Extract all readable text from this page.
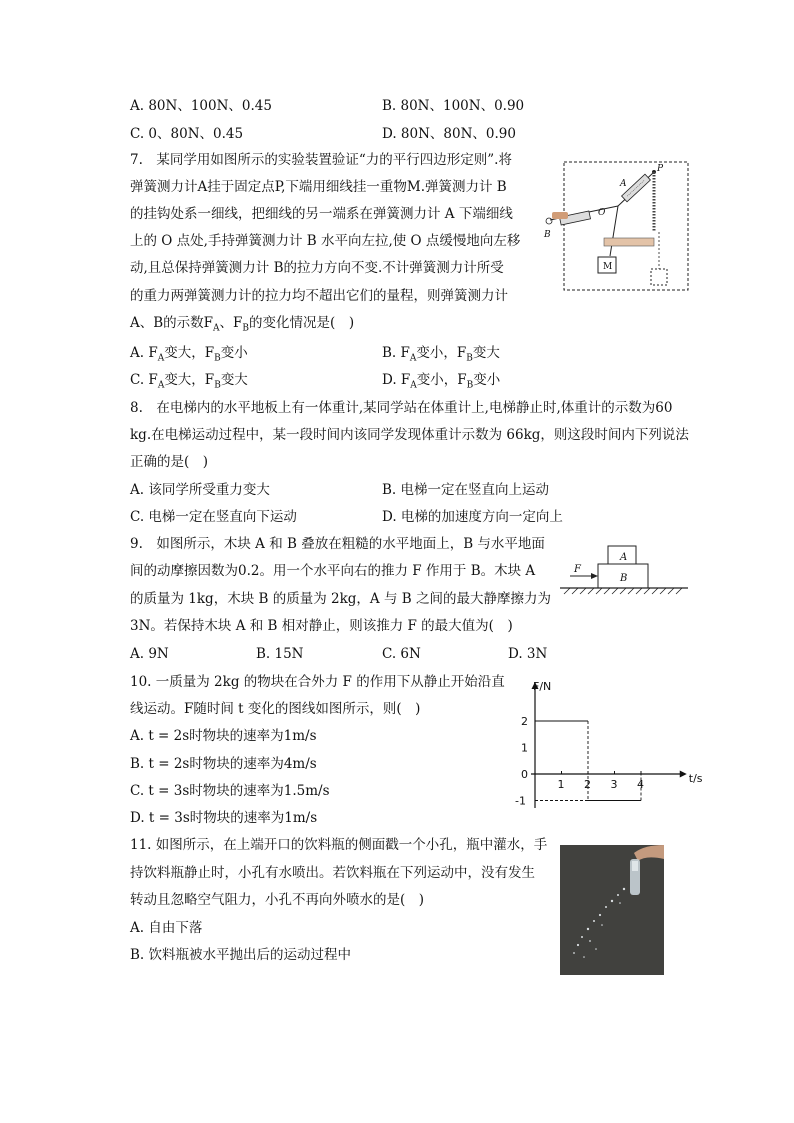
A. 80N、100N、0.45	B. 80N、100N、0.90
C. 0、80N、0.45	D. 80N、80N、0.90
7.　某同学用如图所示的实验装置验证“力的平行四边形定则”.将
弹簧测力计A挂于固定点P,下端用细线挂一重物M.弹簧测力计 B
的挂钩处系一细线，把细线的另一端系在弹簧测力计 A 下端细线
上的 O 点处,手持弹簧测力计 B 水平向左拉,使 O 点缓慢地向左移
动,且总保持弹簧测力计 B的拉力方向不变.不计弹簧测力计所受
的重力两弹簧测力计的拉力均不超出它们的量程，则弹簧测力计
A、B的示数$F_A$、$F_B$的变化情况是(　)
P
A
O
B
M
A. $F_A$变大，$F_B$变小	B. $F_A$变小，$F_B$变大
C. $F_A$变大，$F_B$变大	D. $F_A$变小，$F_B$变小
8.　在电梯内的水平地板上有一体重计,某同学站在体重计上,电梯静止时,体重计的示数为60
kg.在电梯运动过程中，某一段时间内该同学发现体重计示数为 66kg，则这段时间内下列说法
正确的是(　)
A. 该同学所受重力变大	B. 电梯一定在竖直向上运动
C. 电梯一定在竖直向下运动	D. 电梯的加速度方向一定向上
9.　如图所示，木块 A 和 B 叠放在粗糙的水平地面上，B 与水平地面
间的动摩擦因数为0.2。用一个水平向右的推力 F 作用于 B。木块 A
的质量为 1kg，木块 B 的质量为 2kg，A 与 B 之间的最大静摩擦力为
3N。若保持木块 A 和 B 相对静止，则该推力 F 的最大值为(　)
A
B
F
A. 9N	B. 15N	C. 6N	D. 3N
10. 一质量为 2kg 的物块在合外力 F 的作用下从静止开始沿直
线运动。F随时间 t 变化的图线如图所示，则(　)
A. t = 2s时物块的速率为1m/s
B. t = 2s时物块的速率为4m/s
C. t = 3s时物块的速率为1.5m/s
D. t = 3s时物块的速率为1m/s
F/N
t/s
1 2 3 4
2
1
0
-1
11. 如图所示，在上端开口的饮料瓶的侧面戳一个小孔，瓶中灌水，手
持饮料瓶静止时，小孔有水喷出。若饮料瓶在下列运动中，没有发生
转动且忽略空气阻力，小孔不再向外喷水的是(　)
A. 自由下落
B. 饮料瓶被水平抛出后的运动过程中
